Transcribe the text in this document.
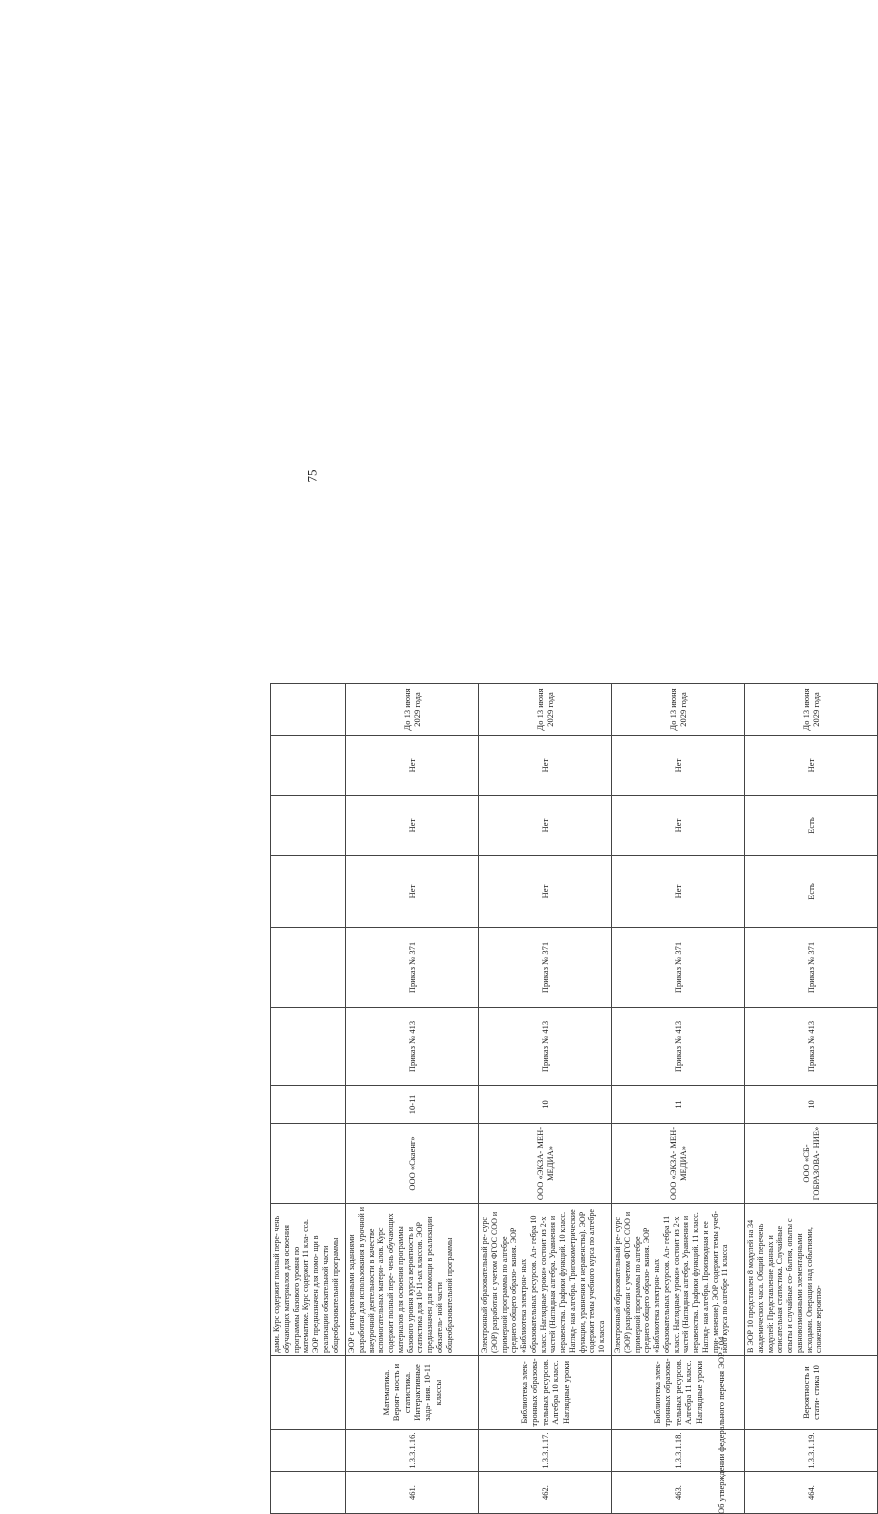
75
			дами. Курс содержит полный пере- чень обучающих материалов для освоения программы базового уровня по математике. Курс содержит 11 кла- сса. ЭОР предназначен для помо- щи в реализации обязательной части общеобразовательной программы								
461.	1.3.3.1.16.	Математика. Вероят- ность и статистика. Интерактивные зада- ния. 10-11 классы	ЭОР с интерактивными заданиями разработан для использования в урочной и внеурочной деятельности в качестве вспомогательных матери- алов. Курс содержит полный пере- чень обучающих материалов для освоения программы базового уровня курса вероятность и статистика для 10-11-ых классов. ЭОР предназначен для помощи в реализации обязатель- ной части общеобразовательной программы	ООО «Скаенг»	10-11	Приказ № 413	Приказ № 371	Нет	Нет	Нет	До 13 июня 2029 года
462.	1.3.3.1.17.	Библиотека элек- тронных образова- тельных ресурсов. Алгебра 10 класс. Наглядные уроки	Электронный образовательный ре- сурс (ЭОР) разработан с учетом ФГОС СОО и примерной программы по алгебре среднего общего образо- вания. ЭОР «Библиотека электрон- ных образовательных ресурсов. Ал- гебра 10 класс. Наглядные уроки» состоит из 2-х частей (Наглядная алгебра. Уравнения и неравенства. Графики функций. 10 класс. Нагляд- ная алгебра. Тригонометрические функции, уравнения и неравенства). ЭОР содержит темы учебного курса по алгебре 10 класса	ООО «ЭКЗА- МЕН-МЕДИА»	10	Приказ № 413	Приказ № 371	Нет	Нет	Нет	До 13 июня 2029 года
463.	1.3.3.1.18.	Библиотека элек- тронных образова- тельных ресурсов. Алгебра 11 класс. Наглядные уроки	Электронный образовательный ре- сурс (ЭОР) разработан с учетом ФГОС СОО и примерной программы по алгебре среднего общего образо- вания. ЭОР «Библиотека электрон- ных образовательных ресурсов. Ал- гебра 11 класс. Наглядные уроки» состоит из 2-х частей (Наглядная алгебра. Уравнения и неравенства. Графики функций. 11 класс. Нагляд- ная алгебра. Производная и ее при- менение). ЭОР содержит темы учеб- ного курса по алгебре 11 класса	ООО «ЭКЗА- МЕН-МЕДИА»	11	Приказ № 413	Приказ № 371	Нет	Нет	Нет	До 13 июня 2029 года
464.	1.3.3.1.19.	Вероятность и стати- стика 10	В ЭОР 10 представлен 8 модулей на 34 академических часа. Общий перечень модулей: Представление данных и описательная статистика. Случайные опыты и случайные со- бытия, опыты с равновозможными элементарными исходами. Операции над событиями, сложение вероятно-	ООО «СБ- ГОБРАЗОВА- НИЕ»	10	Приказ № 413	Приказ № 371	Есть	Есть	Нет	До 13 июня 2029 года
Об утверждении федерального перечня ЭОР - 04
